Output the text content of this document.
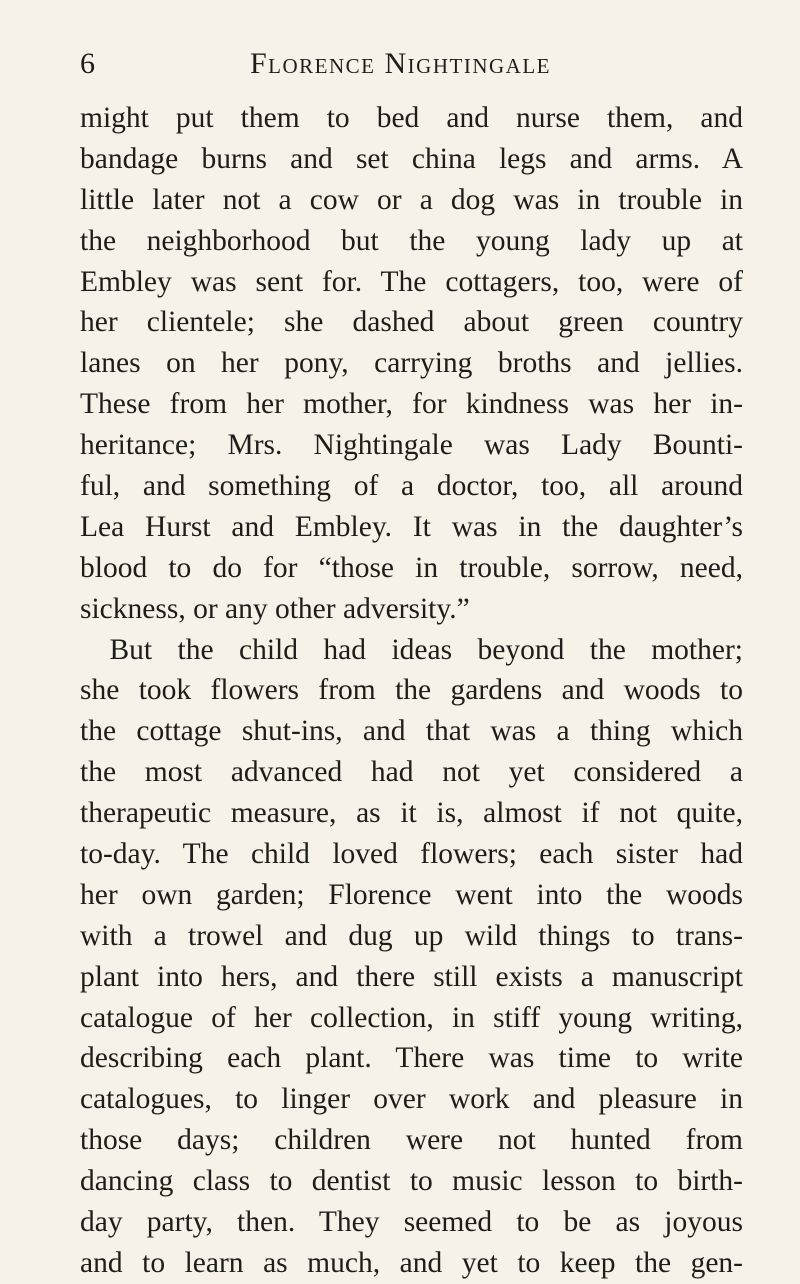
6	Florence Nightingale
might put them to bed and nurse them, and
bandage burns and set china legs and arms. A
little later not a cow or a dog was in trouble in
the neighborhood but the young lady up at
Embley was sent for. The cottagers, too, were of
her clientele; she dashed about green country
lanes on her pony, carrying broths and jellies.
These from her mother, for kindness was her in-
heritance; Mrs. Nightingale was Lady Bounti-
ful, and something of a doctor, too, all around
Lea Hurst and Embley. It was in the daughter’s
blood to do for “those in trouble, sorrow, need,
sickness, or any other adversity.”
 But the child had ideas beyond the mother;
she took flowers from the gardens and woods to
the cottage shut-ins, and that was a thing which
the most advanced had not yet considered a
therapeutic measure, as it is, almost if not quite,
to-day. The child loved flowers; each sister had
her own garden; Florence went into the woods
with a trowel and dug up wild things to trans-
plant into hers, and there still exists a manuscript
catalogue of her collection, in stiff young writing,
describing each plant. There was time to write
catalogues, to linger over work and pleasure in
those days; children were not hunted from
dancing class to dentist to music lesson to birth-
day party, then. They seemed to be as joyous
and to learn as much, and yet to keep the gen-
